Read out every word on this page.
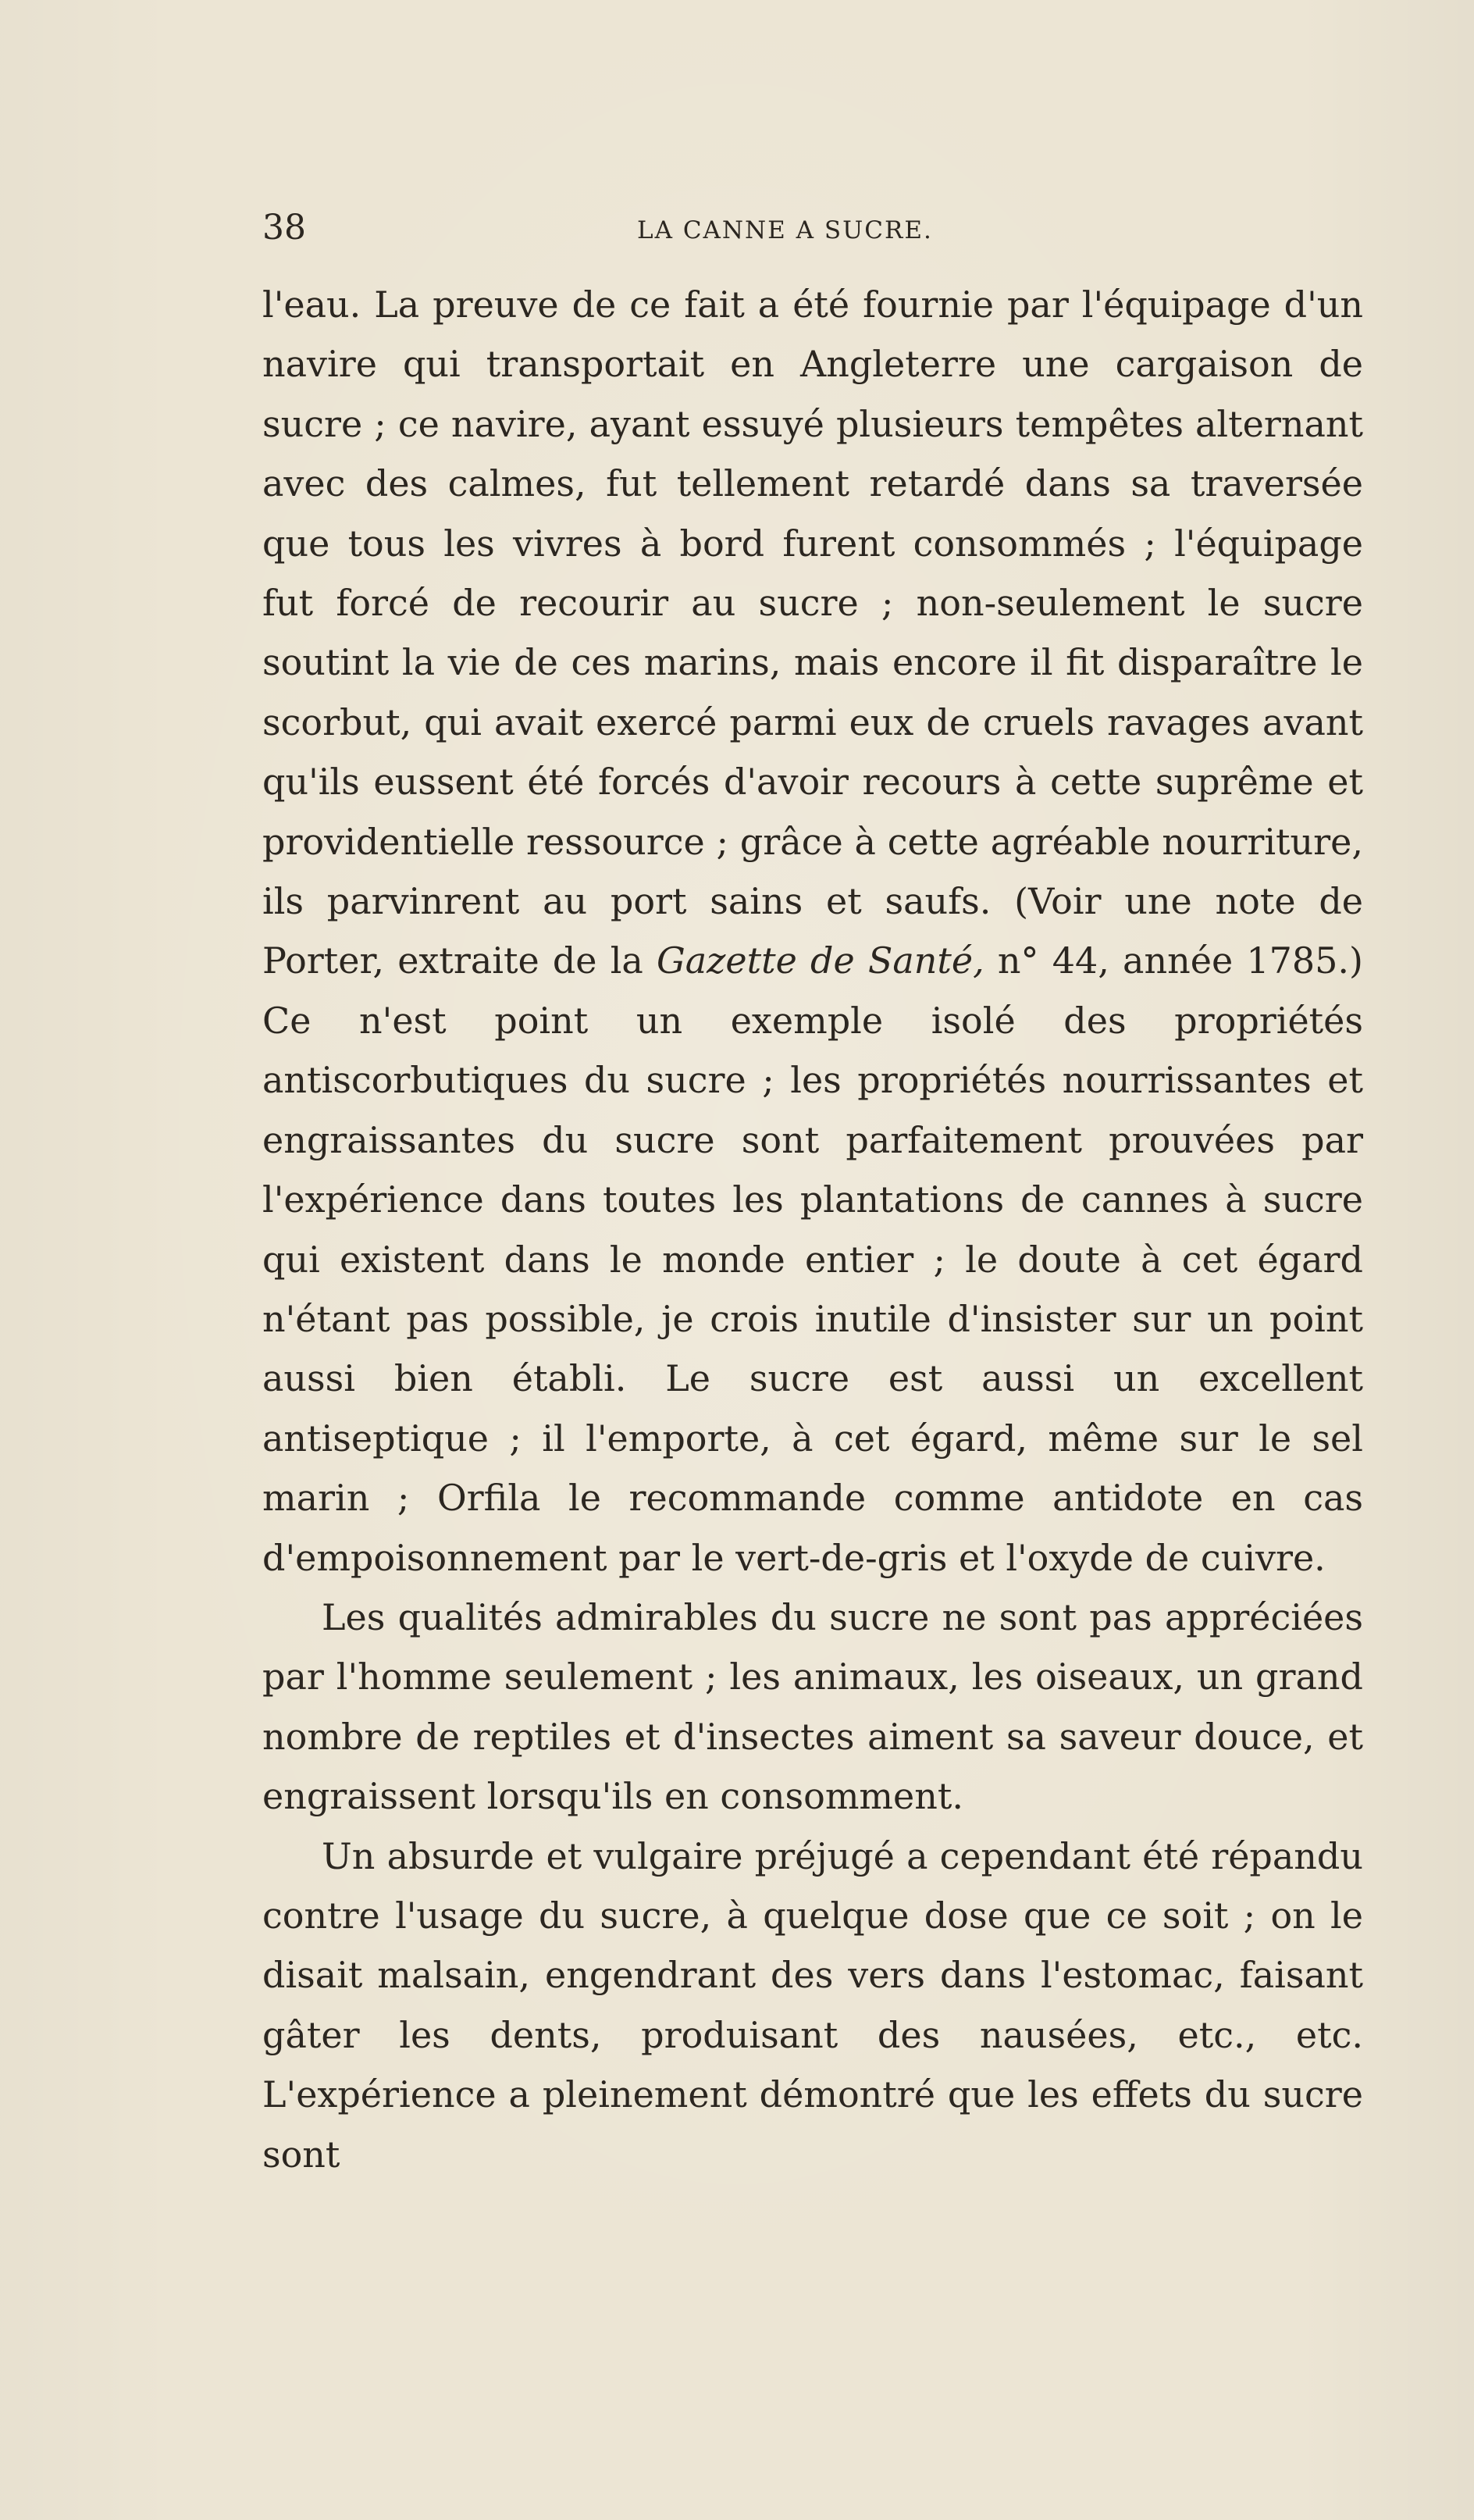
38	LA CANNE A SUCRE.

l'eau. La preuve de ce fait a été fournie par l'équipage d'un navire qui transportait en Angleterre une cargaison de sucre ; ce navire, ayant essuyé plusieurs tempêtes alternant avec des calmes, fut tellement retardé dans sa traversée que tous les vivres à bord furent consommés ; l'équipage fut forcé de recourir au sucre ; non-seulement le sucre soutint la vie de ces marins, mais encore il fit disparaître le scorbut, qui avait exercé parmi eux de cruels ravages avant qu'ils eussent été forcés d'avoir recours à cette suprême et providentielle ressource ; grâce à cette agréable nourriture, ils parvinrent au port sains et saufs. (Voir une note de Porter, extraite de la Gazette de Santé, n° 44, année 1785.) Ce n'est point un exemple isolé des propriétés antiscorbutiques du sucre ; les propriétés nourrissantes et engraissantes du sucre sont parfaitement prouvées par l'expérience dans toutes les plantations de cannes à sucre qui existent dans le monde entier ; le doute à cet égard n'étant pas possible, je crois inutile d'insister sur un point aussi bien établi. Le sucre est aussi un excellent antiseptique ; il l'emporte, à cet égard, même sur le sel marin ; Orfila le recommande comme antidote en cas d'empoisonnement par le vert-de-gris et l'oxyde de cuivre.

Les qualités admirables du sucre ne sont pas appréciées par l'homme seulement ; les animaux, les oiseaux, un grand nombre de reptiles et d'insectes aiment sa saveur douce, et engraissent lorsqu'ils en consomment.

Un absurde et vulgaire préjugé a cependant été répandu contre l'usage du sucre, à quelque dose que ce soit ; on le disait malsain, engendrant des vers dans l'estomac, faisant gâter les dents, produisant des nausées, etc., etc. L'expérience a pleinement démontré que les effets du sucre sont
